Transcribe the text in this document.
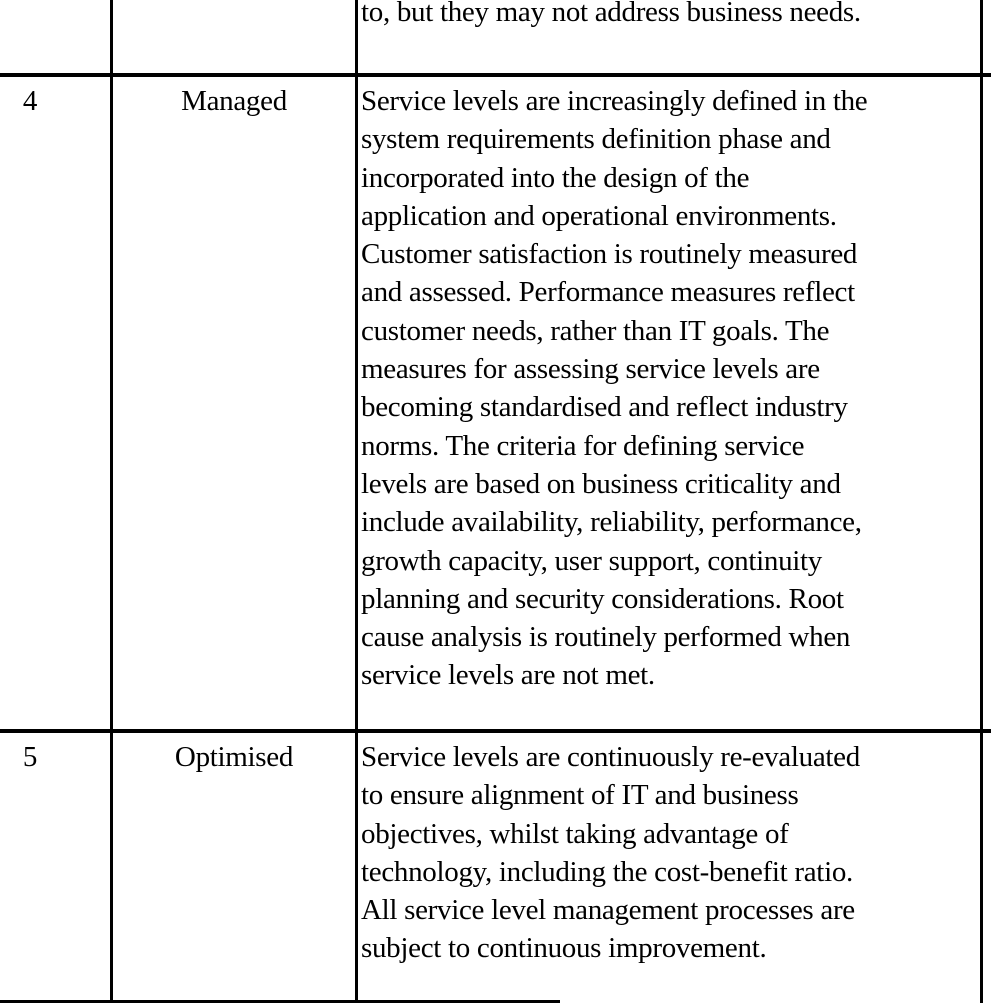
to, but they may not address business needs.
4	Managed	Service levels are increasingly defined in the
system requirements definition phase and
incorporated into the design of the
application and operational environments.
Customer satisfaction is routinely measured
and assessed. Performance measures reflect
customer needs, rather than IT goals. The
measures for assessing service levels are
becoming standardised and reflect industry
norms. The criteria for defining service
levels are based on business criticality and
include availability, reliability, performance,
growth capacity, user support, continuity
planning and security considerations. Root
cause analysis is routinely performed when
service levels are not met.
5	Optimised	Service levels are continuously re-evaluated
to ensure alignment of IT and business
objectives, whilst taking advantage of
technology, including the cost-benefit ratio.
All service level management processes are
subject to continuous improvement.
